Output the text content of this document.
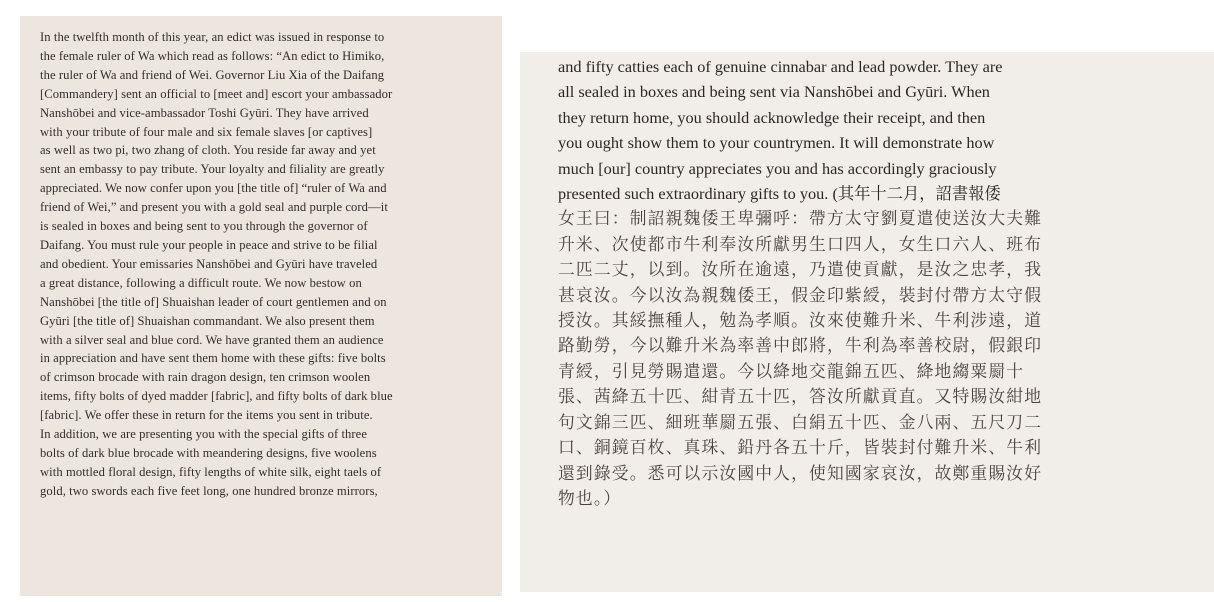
In the twelfth month of this year, an edict was issued in response to
the female ruler of Wa which read as follows: “An edict to Himiko,
the ruler of Wa and friend of Wei. Governor Liu Xia of the Daifang
[Commandery] sent an official to [meet and] escort your ambassador
Nanshōbei and vice-ambassador Toshi Gyūri. They have arrived
with your tribute of four male and six female slaves [or captives]
as well as two pi, two zhang of cloth. You reside far away and yet
sent an embassy to pay tribute. Your loyalty and filiality are greatly
appreciated. We now confer upon you [the title of] “ruler of Wa and
friend of Wei,” and present you with a gold seal and purple cord—it
is sealed in boxes and being sent to you through the governor of
Daifang. You must rule your people in peace and strive to be filial
and obedient. Your emissaries Nanshōbei and Gyūri have traveled
a great distance, following a difficult route. We now bestow on
Nanshōbei [the title of] Shuaishan leader of court gentlemen and on
Gyūri [the title of] Shuaishan commandant. We also present them
with a silver seal and blue cord. We have granted them an audience
in appreciation and have sent them home with these gifts: five bolts
of crimson brocade with rain dragon design, ten crimson woolen
items, fifty bolts of dyed madder [fabric], and fifty bolts of dark blue
[fabric]. We offer these in return for the items you sent in tribute.
In addition, we are presenting you with the special gifts of three
bolts of dark blue brocade with meandering designs, five woolens
with mottled floral design, fifty lengths of white silk, eight taels of
gold, two swords each five feet long, one hundred bronze mirrors,
and fifty catties each of genuine cinnabar and lead powder. They are
all sealed in boxes and being sent via Nanshōbei and Gyūri. When
they return home, you should acknowledge their receipt, and then
you ought show them to your countrymen. It will demonstrate how
much [our] country appreciates you and has accordingly graciously
presented such extraordinary gifts to you. (其年十二月，詔書報倭
女王曰：制詔親魏倭王卑彌呼：帶方太守劉夏遣使送汝大夫難
升米、次使都市牛利奉汝所獻男生口四人，女生口六人、班布
二匹二丈，以到。汝所在逾遠，乃遣使貢獻，是汝之忠孝，我
甚哀汝。今以汝為親魏倭王，假金印紫綬，裝封付帶方太守假
授汝。其綏撫種人，勉為孝順。汝來使難升米、牛利涉遠，道
路勤勞，今以難升米為率善中郎將，牛利為率善校尉，假銀印
青綬，引見勞賜遣還。今以絳地交龍錦五匹、絳地縐粟罽十
張、茜絳五十匹、紺青五十匹，答汝所獻貢直。又特賜汝紺地
句文錦三匹、細班華罽五張、白絹五十匹、金八兩、五尺刀二
口、銅鏡百枚、真珠、鉛丹各五十斤，皆裝封付難升米、牛利
還到錄受。悉可以示汝國中人，使知國家哀汝，故鄭重賜汝好
物也。）
